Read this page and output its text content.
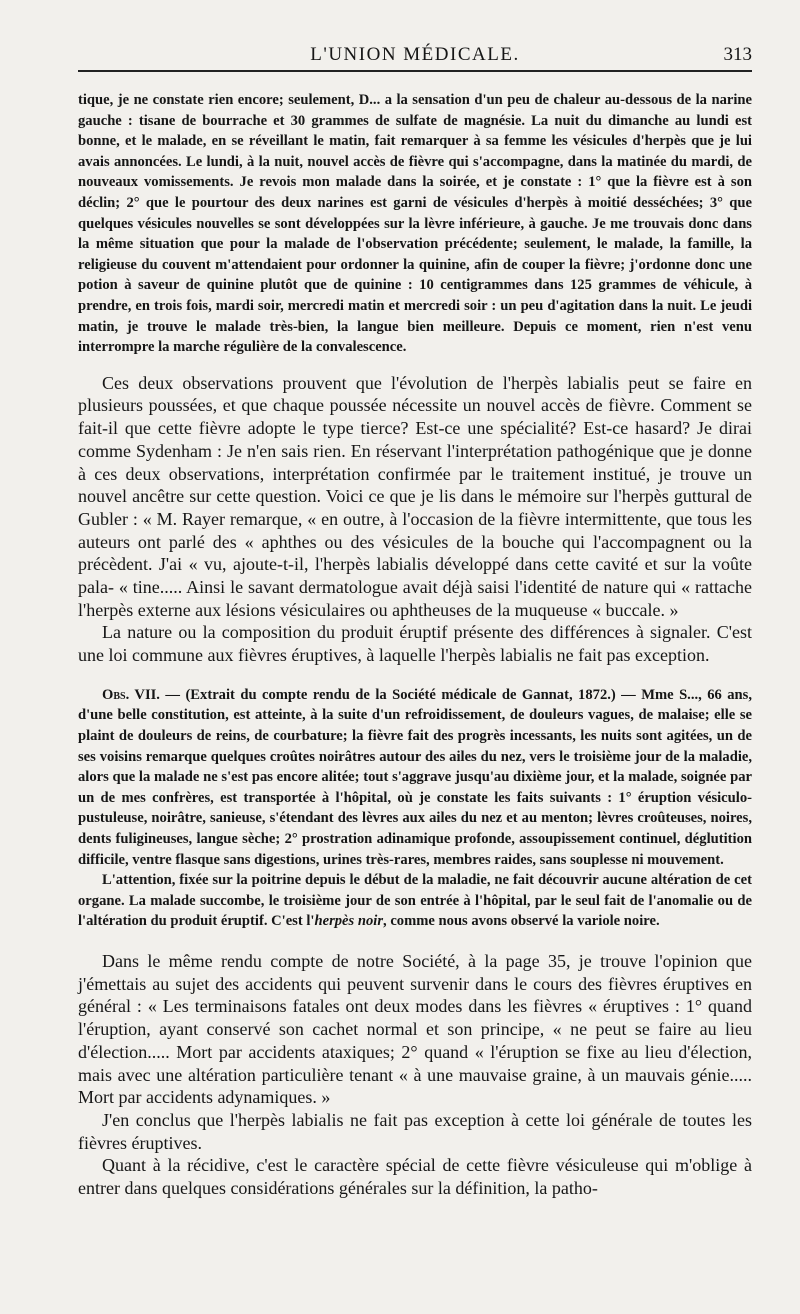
L'UNION MÉDICALE.	313

tique, je ne constate rien encore; seulement, D... a la sensation d'un peu de chaleur au-dessous de la narine gauche : tisane de bourrache et 30 grammes de sulfate de magnésie. La nuit du dimanche au lundi est bonne, et le malade, en se réveillant le matin, fait remarquer à sa femme les vésicules d'herpès que je lui avais annoncées. Le lundi, à la nuit, nouvel accès de fièvre qui s'accompagne, dans la matinée du mardi, de nouveaux vomissements. Je revois mon malade dans la soirée, et je constate : 1° que la fièvre est à son déclin; 2° que le pourtour des deux narines est garni de vésicules d'herpès à moitié desséchées; 3° que quelques vésicules nouvelles se sont développées sur la lèvre inférieure, à gauche. Je me trouvais donc dans la même situation que pour la malade de l'observation précédente; seulement, le malade, la famille, la religieuse du couvent m'attendaient pour ordonner la quinine, afin de couper la fièvre; j'ordonne donc une potion à saveur de quinine plutôt que de quinine : 10 centigrammes dans 125 grammes de véhicule, à prendre, en trois fois, mardi soir, mercredi matin et mercredi soir : un peu d'agitation dans la nuit. Le jeudi matin, je trouve le malade très-bien, la langue bien meilleure. Depuis ce moment, rien n'est venu interrompre la marche régulière de la convalescence.

Ces deux observations prouvent que l'évolution de l'herpès labialis peut se faire en plusieurs poussées, et que chaque poussée nécessite un nouvel accès de fièvre. Comment se fait-il que cette fièvre adopte le type tierce? Est-ce une spécialité? Est-ce hasard? Je dirai comme Sydenham : Je n'en sais rien. En réservant l'interprétation pathogénique que je donne à ces deux observations, interprétation confirmée par le traitement institué, je trouve un nouvel ancêtre sur cette question. Voici ce que je lis dans le mémoire sur l'herpès guttural de Gubler : « M. Rayer remarque, « en outre, à l'occasion de la fièvre intermittente, que tous les auteurs ont parlé des « aphthes ou des vésicules de la bouche qui l'accompagnent ou la précèdent. J'ai « vu, ajoute-t-il, l'herpès labialis développé dans cette cavité et sur la voûte pala- « tine..... Ainsi le savant dermatologue avait déjà saisi l'identité de nature qui « rattache l'herpès externe aux lésions vésiculaires ou aphtheuses de la muqueuse « buccale. »

La nature ou la composition du produit éruptif présente des différences à signaler. C'est une loi commune aux fièvres éruptives, à laquelle l'herpès labialis ne fait pas exception.

Obs. VII. — (Extrait du compte rendu de la Société médicale de Gannat, 1872.) — Mme S..., 66 ans, d'une belle constitution, est atteinte, à la suite d'un refroidissement, de douleurs vagues, de malaise; elle se plaint de douleurs de reins, de courbature; la fièvre fait des progrès incessants, les nuits sont agitées, un de ses voisins remarque quelques croûtes noirâtres autour des ailes du nez, vers le troisième jour de la maladie, alors que la malade ne s'est pas encore alitée; tout s'aggrave jusqu'au dixième jour, et la malade, soignée par un de mes confrères, est transportée à l'hôpital, où je constate les faits suivants : 1° éruption vésiculo-pustuleuse, noirâtre, sanieuse, s'étendant des lèvres aux ailes du nez et au menton; lèvres croûteuses, noires, dents fuligineuses, langue sèche; 2° prostration adinamique profonde, assoupissement continuel, déglutition difficile, ventre flasque sans digestions, urines très-rares, membres raides, sans souplesse ni mouvement.

L'attention, fixée sur la poitrine depuis le début de la maladie, ne fait découvrir aucune altération de cet organe. La malade succombe, le troisième jour de son entrée à l'hôpital, par le seul fait de l'anomalie ou de l'altération du produit éruptif. C'est l'herpès noir, comme nous avons observé la variole noire.

Dans le même rendu compte de notre Société, à la page 35, je trouve l'opinion que j'émettais au sujet des accidents qui peuvent survenir dans le cours des fièvres éruptives en général : « Les terminaisons fatales ont deux modes dans les fièvres « éruptives : 1° quand l'éruption, ayant conservé son cachet normal et son principe, « ne peut se faire au lieu d'élection..... Mort par accidents ataxiques; 2° quand « l'éruption se fixe au lieu d'élection, mais avec une altération particulière tenant « à une mauvaise graine, à un mauvais génie..... Mort par accidents adynamiques. »

J'en conclus que l'herpès labialis ne fait pas exception à cette loi générale de toutes les fièvres éruptives.

Quant à la récidive, c'est le caractère spécial de cette fièvre vésiculeuse qui m'oblige à entrer dans quelques considérations générales sur la définition, la patho-
